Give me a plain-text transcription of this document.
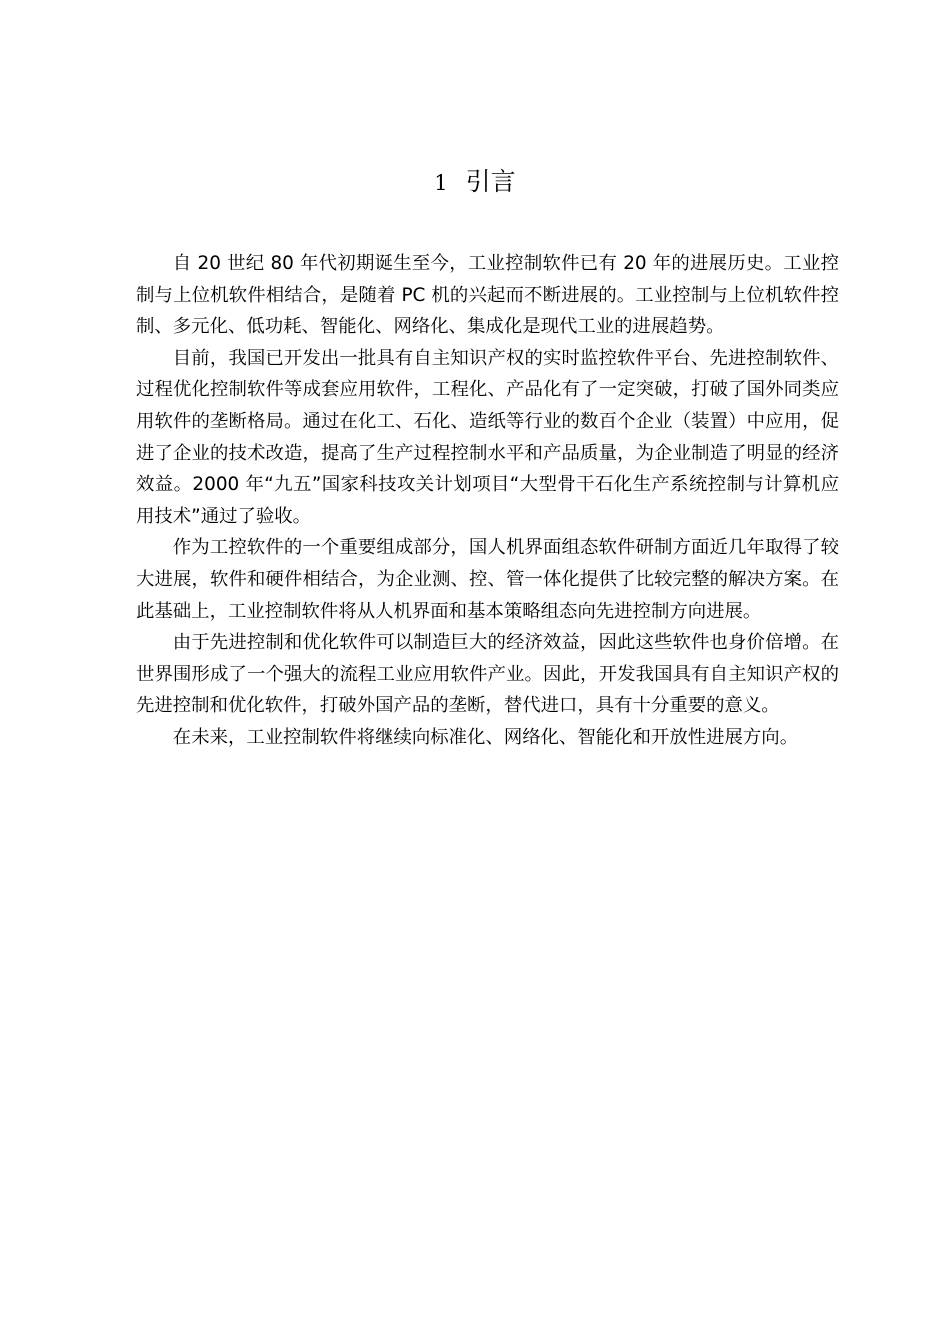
1 引言

自 20 世纪 80 年代初期诞生至今，工业控制软件已有 20 年的进展历史。工业控制与上位机软件相结合，是随着 PC 机的兴起而不断进展的。工业控制与上位机软件控制、多元化、低功耗、智能化、网络化、集成化是现代工业的进展趋势。

目前，我国已开发出一批具有自主知识产权的实时监控软件平台、先进控制软件、过程优化控制软件等成套应用软件，工程化、产品化有了一定突破，打破了国外同类应用软件的垄断格局。通过在化工、石化、造纸等行业的数百个企业（装置）中应用，促进了企业的技术改造，提高了生产过程控制水平和产品质量，为企业制造了明显的经济效益。2000 年“九五”国家科技攻关计划项目“大型骨干石化生产系统控制与计算机应用技术”通过了验收。

作为工控软件的一个重要组成部分，国人机界面组态软件研制方面近几年取得了较大进展，软件和硬件相结合，为企业测、控、管一体化提供了比较完整的解决方案。在此基础上，工业控制软件将从人机界面和基本策略组态向先进控制方向进展。

由于先进控制和优化软件可以制造巨大的经济效益，因此这些软件也身价倍增。在世界围形成了一个强大的流程工业应用软件产业。因此，开发我国具有自主知识产权的先进控制和优化软件，打破外国产品的垄断，替代进口，具有十分重要的意义。

在未来，工业控制软件将继续向标准化、网络化、智能化和开放性进展方向。
